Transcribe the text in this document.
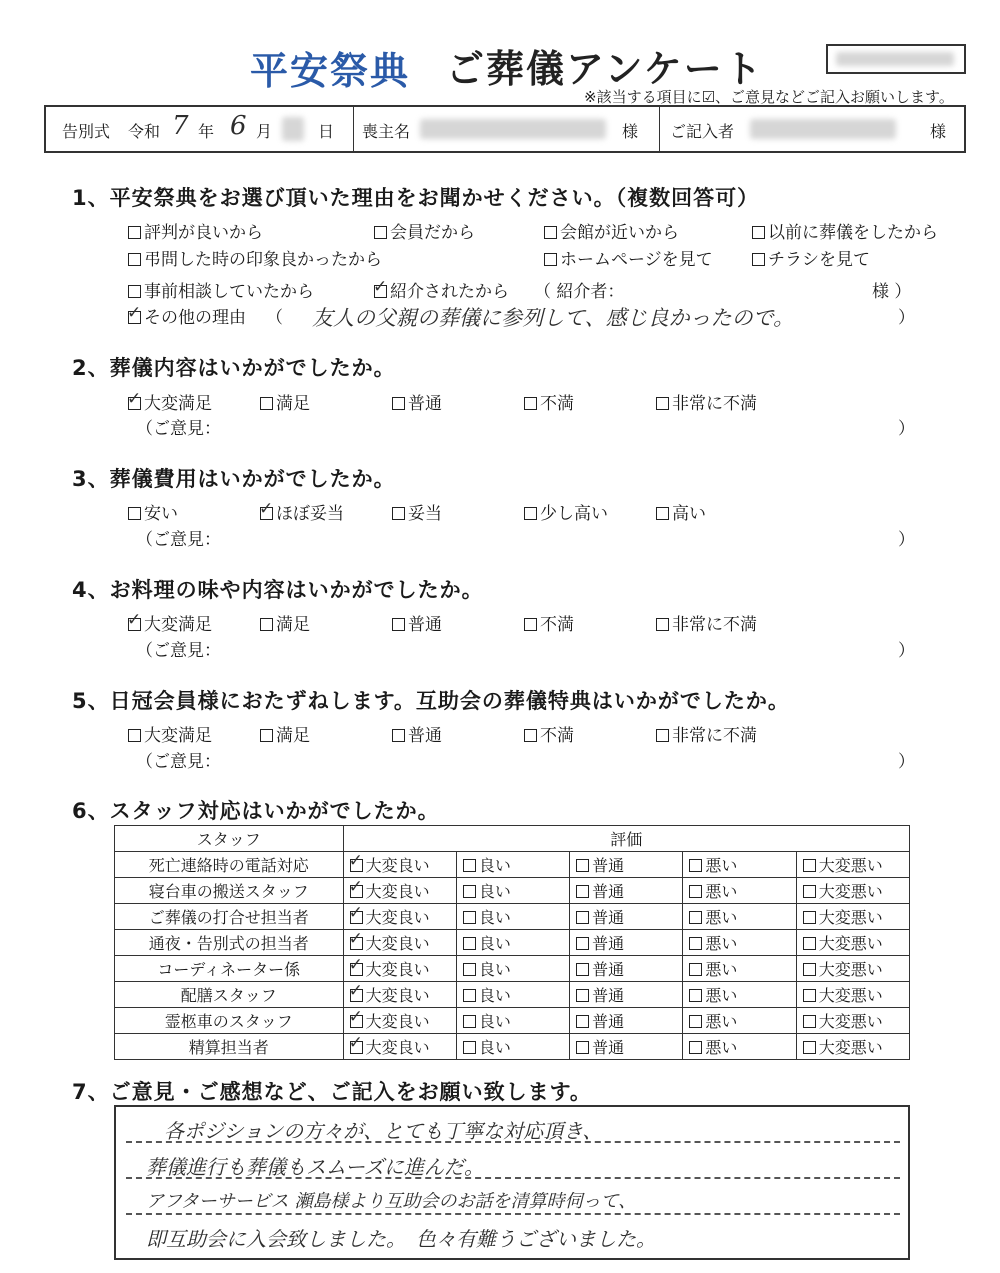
平安祭典 ご葬儀アンケート
※該当する項目に☑、ご意見などご記入お願いします。
告別式 令和 7 年 6 月	日 喪主名	様 ご記入者	様
1、平安祭典をお選び頂いた理由をお聞かせください。（複数回答可）
評判が良いから	会員だから	会館が近いから	以前に葬儀をしたから
弔問した時の印象良かったから	ホームページを見て	チラシを見て
事前相談していたから ✓	紹介されたから （ 紹介者：	様 ）
✓その他の理由 （ 友人の父親の葬儀に参列して、感じ良かったので。	）
2、葬儀内容はいかがでしたか。
✓大変満足	満足	普通	不満	非常に不満
（ご意見：	）
3、葬儀費用はいかがでしたか。
安い ✓	ほぼ妥当	妥当	少し高い	高い
（ご意見：	）
4、お料理の味や内容はいかがでしたか。
✓大変満足	満足	普通	不満	非常に不満
（ご意見：	）
5、日冠会員様におたずねします。互助会の葬儀特典はいかがでしたか。
大変満足	満足	普通	不満	非常に不満
（ご意見：	）
6、スタッフ対応はいかがでしたか。
スタッフ	評価				
死亡連絡時の電話対応	✓大変良い	良い	普通	悪い	大変悪い
寝台車の搬送スタッフ	✓大変良い	良い	普通	悪い	大変悪い
ご葬儀の打合せ担当者	✓大変良い	良い	普通	悪い	大変悪い
通夜・告別式の担当者	✓大変良い	良い	普通	悪い	大変悪い
コーディネーター係	✓大変良い	良い	普通	悪い	大変悪い
配膳スタッフ	✓大変良い	良い	普通	悪い	大変悪い
霊柩車のスタッフ	✓大変良い	良い	普通	悪い	大変悪い
精算担当者	✓大変良い	良い	普通	悪い	大変悪い
7、ご意見・ご感想など、ご記入をお願い致します。
各ポジションの方々が、とても丁寧な対応頂き、
葬儀進行も葬儀もスムーズに進んだ。
アフターサービス 瀬島様より互助会のお話を清算時伺って、
即互助会に入会致しました。　色々有難うございました。
